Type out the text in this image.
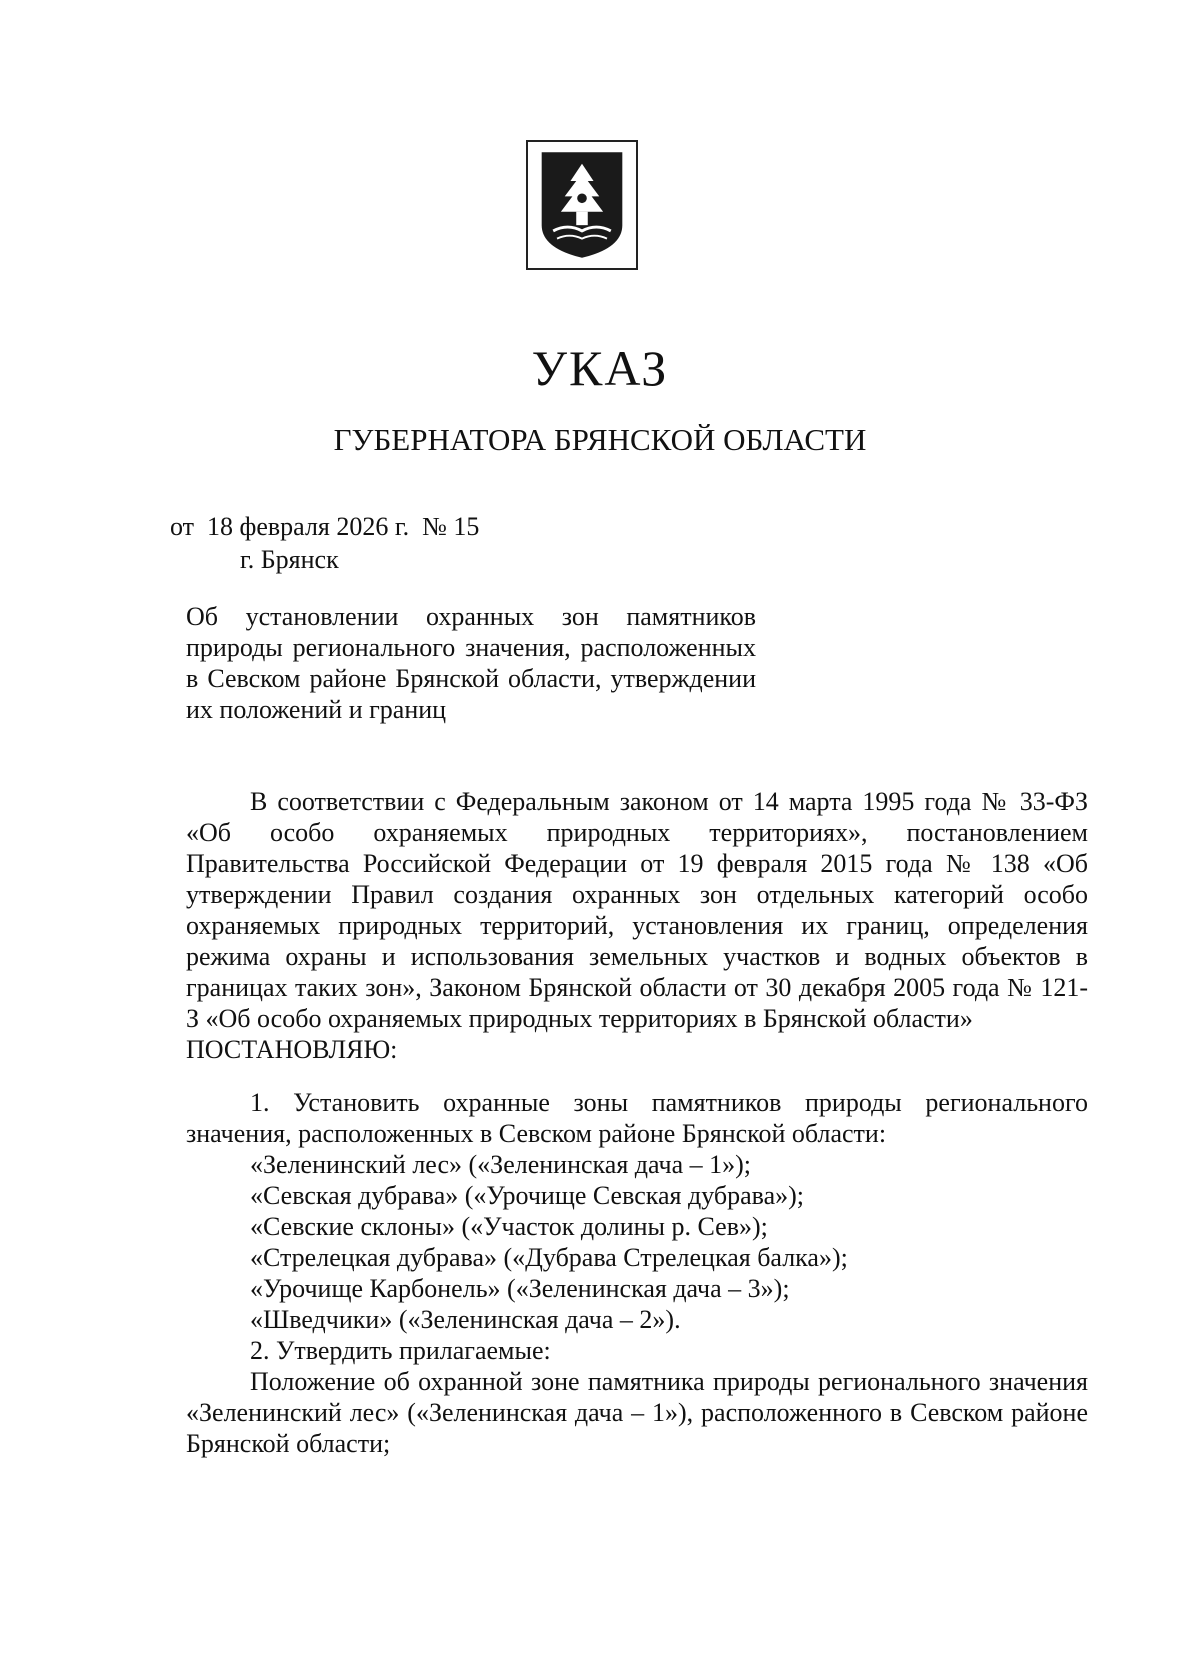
УКАЗ
ГУБЕРНАТОРА БРЯНСКОЙ ОБЛАСТИ
от  18 февраля 2026 г.  № 15
г. Брянск
Об установлении охранных зон памятников природы регионального значения, расположенных в Севском районе Брянской области, утверждении их положений и границ

В соответствии с Федеральным законом от 14 марта 1995 года № 33-ФЗ «Об особо охраняемых природных территориях», постановлением Правительства Российской Федерации от 19 февраля 2015 года № 138 «Об утверждении Правил создания охранных зон отдельных категорий особо охраняемых природных территорий, установления их границ, определения режима охраны и использования земельных участков и водных объектов в границах таких зон», Законом Брянской области от 30 декабря 2005 года № 121-З «Об особо охраняемых природных территориях в Брянской области»

ПОСТАНОВЛЯЮ:

1. Установить охранные зоны памятников природы регионального значения, расположенных в Севском районе Брянской области:

«Зеленинский лес» («Зеленинская дача – 1»);

«Севская дубрава» («Урочище Севская дубрава»);

«Севские склоны» («Участок долины р. Сев»);

«Стрелецкая дубрава» («Дубрава Стрелецкая балка»);

«Урочище Карбонель» («Зеленинская дача – 3»);

«Шведчики» («Зеленинская дача – 2»).

2. Утвердить прилагаемые:

Положение об охранной зоне памятника природы регионального значения «Зеленинский лес» («Зеленинская дача – 1»), расположенного в Севском районе Брянской области;
